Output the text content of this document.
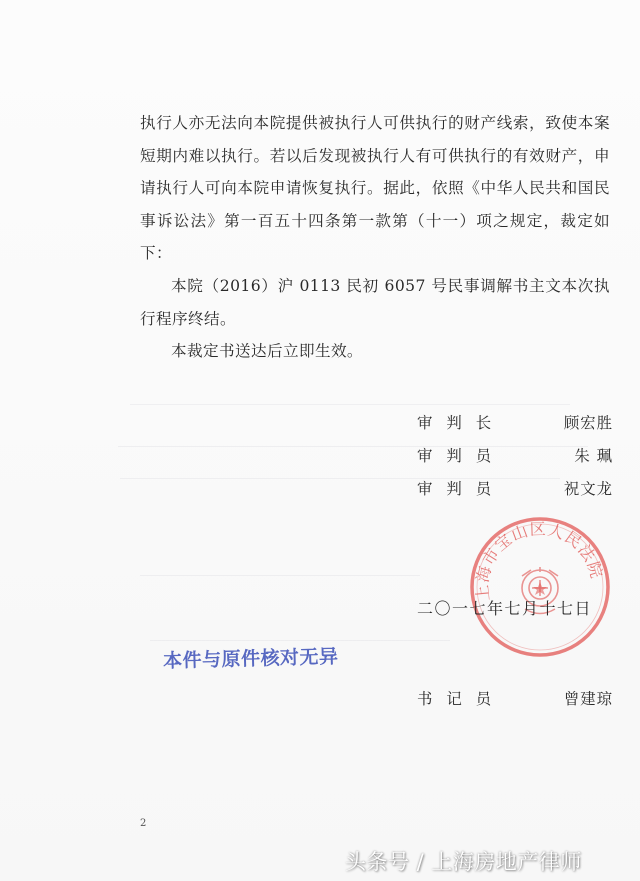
执行人亦无法向本院提供被执行人可供执行的财产线索，致使本案短期内难以执行。若以后发现被执行人有可供执行的有效财产，申请执行人可向本院申请恢复执行。据此，依照《中华人民共和国民事诉讼法》第一百五十四条第一款第（十一）项之规定，裁定如下：

本院（2016）沪 0113 民初 6057 号民事调解书主文本次执行程序终结。

本裁定书送达后立即生效。

审判长	顾宏胜
审判员	朱 珮
审判员	祝文龙
上海市宝山区人民法院
二〇一七年七月十七日
本件与原件核对无异
书记员	曾建琼
2
头条号 / 上海房地产律师
